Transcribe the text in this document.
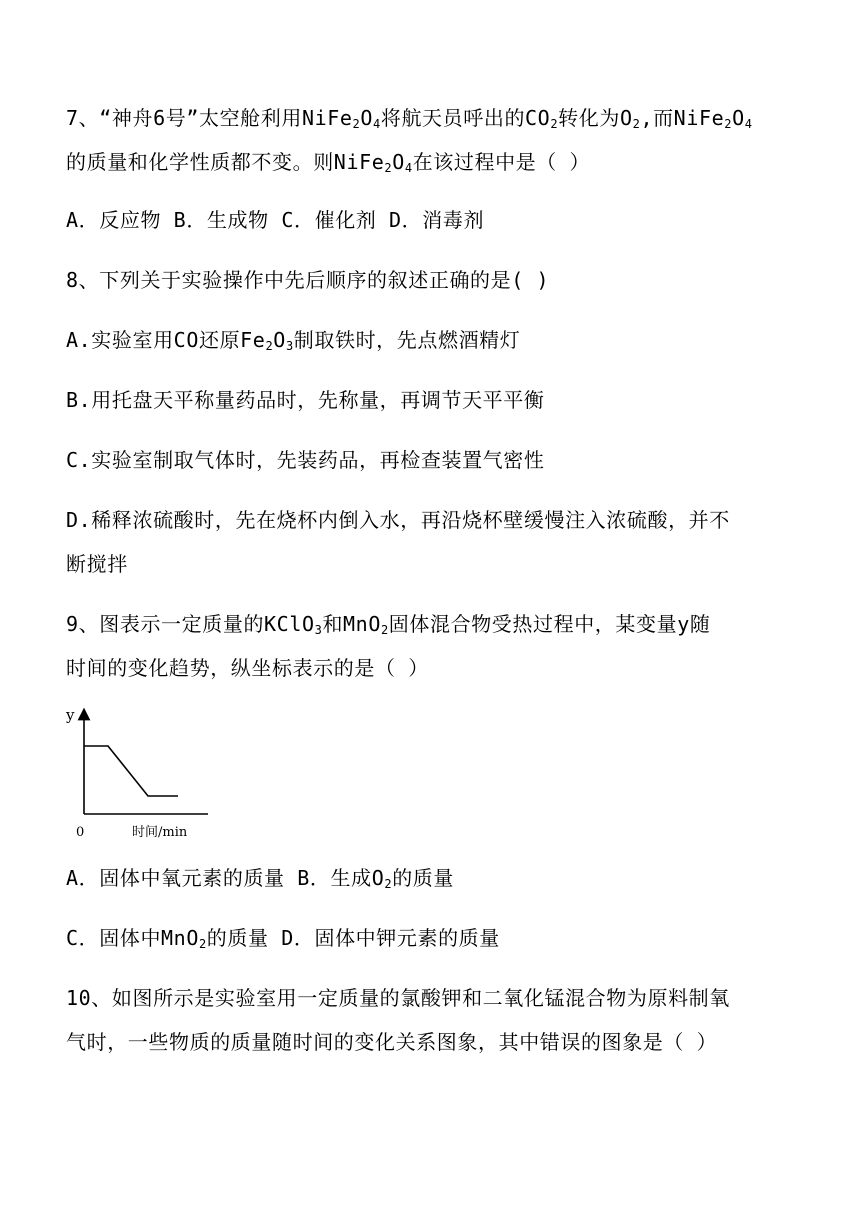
7、“神舟6号”太空舱利用$NiFe_2O_4$将航天员呼出的$CO_2$转化为$O_2$,而$NiFe_2O_4$
的质量和化学性质都不变。则$NiFe_2O_4$在该过程中是（ ）
A．反应物 B．生成物 C．催化剂 D．消毒剂
8、下列关于实验操作中先后顺序的叙述正确的是( )
A.实验室用CO还原$Fe_2O_3$制取铁时，先点燃酒精灯
B.用托盘天平称量药品时，先称量，再调节天平平衡
C.实验室制取气体时，先装药品，再检查装置气密性
D.稀释浓硫酸时，先在烧杯内倒入水，再沿烧杯壁缓慢注入浓硫酸，并不
断搅拌
9、图表示一定质量的KClO$_3$和MnO$_2$固体混合物受热过程中，某变量y随
时间的变化趋势，纵坐标表示的是（ ）
y
0	时间/min
A．固体中氧元素的质量 B．生成$O_2$的质量
C．固体中MnO$_2$的质量 D．固体中钾元素的质量
10、如图所示是实验室用一定质量的氯酸钾和二氧化锰混合物为原料制氧
气时，一些物质的质量随时间的变化关系图象，其中错误的图象是（ ）
